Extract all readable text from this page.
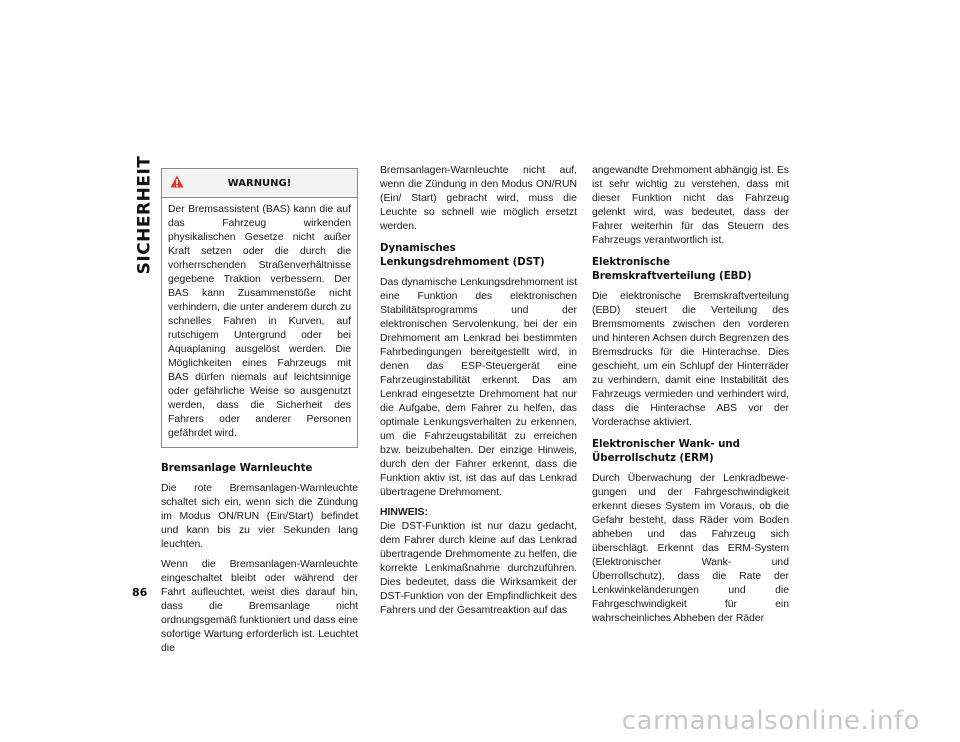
SICHERHEIT
86
WARNUNG!
Der Bremsassistent (BAS) kann die auf das Fahrzeug wirkenden physikalischen Gesetze nicht außer Kraft setzen oder die durch die vorherrschenden Straßenverhältnisse gegebene Traktion verbessern. Der BAS kann Zusammenstöße nicht verhindern, die unter anderem durch zu schnelles Fahren in Kurven, auf rutschigem Untergrund oder bei Aquaplaning ausgelöst werden. Die Möglichkeiten eines Fahrzeugs mit BAS dürfen niemals auf leichtsinnige oder gefährliche Weise so ausgenutzt werden, dass die Sicherheit des Fahrers oder anderer Personen gefährdet wird.
Bremsanlage Warnleuchte

Die rote Bremsanlagen-Warnleuchte schaltet sich ein, wenn sich die Zündung im Modus ON/RUN (Ein/Start) befindet und kann bis zu vier Sekunden lang leuchten.

Wenn die Bremsanlagen-Warnleuchte eingeschaltet bleibt oder während der Fahrt aufleuchtet, weist dies darauf hin, dass die Bremsanlage nicht ordnungsgemäß funktioniert und dass eine sofortige Wartung erforderlich ist. Leuchtet die

Bremsanlagen-Warnleuchte nicht auf, wenn die Zündung in den Modus ON/RUN (Ein/ Start) gebracht wird, muss die Leuchte so schnell wie möglich ersetzt werden.

Dynamisches Lenkungsdrehmoment (DST)

Das dynamische Lenkungsdrehmoment ist eine Funktion des elektronischen Stabilitätsprogramms und der elektronischen Servolenkung, bei der ein Drehmoment am Lenkrad bei bestimmten Fahrbedingungen bereitgestellt wird, in denen das ESP-Steuergerät eine Fahrzeuginstabilität erkennt. Das am Lenkrad eingesetzte Drehmoment hat nur die Aufgabe, dem Fahrer zu helfen, das optimale Lenkungsverhalten zu erkennen, um die Fahrzeugstabilität zu erreichen bzw. beizubehalten. Der einzige Hinweis, durch den der Fahrer erkennt, dass die Funktion aktiv ist, ist das auf das Lenkrad übertragene Drehmoment.

HINWEIS:
Die DST-Funktion ist nur dazu gedacht, dem Fahrer durch kleine auf das Lenkrad übertragende Drehmomente zu helfen, die korrekte Lenkmaßnahme durchzuführen. Dies bedeutet, dass die Wirksamkeit der DST-Funktion von der Empfindlichkeit des Fahrers und der Gesamtreaktion auf das

angewandte Drehmoment abhängig ist. Es ist sehr wichtig zu verstehen, dass mit dieser Funktion nicht das Fahrzeug gelenkt wird, was bedeutet, dass der Fahrer weiterhin für das Steuern des Fahrzeugs verantwortlich ist.

Elektronische Bremskraftverteilung (EBD)

Die elektronische Bremskraftverteilung (EBD) steuert die Verteilung des Bremsmoments zwischen den vorderen und hinteren Achsen durch Begrenzen des Bremsdrucks für die Hinterachse. Dies geschieht, um ein Schlupf der Hinterräder zu verhindern, damit eine Instabilität des Fahrzeugs vermieden und verhindert wird, dass die Hinterachse ABS vor der Vorderachse aktiviert.

Elektronischer Wank- und Überrollschutz (ERM)

Durch Überwachung der Lenkradbewegungen und der Fahrgeschwindigkeit erkennt dieses System im Voraus, ob die Gefahr besteht, dass Räder vom Boden abheben und das Fahrzeug sich überschlägt. Erkennt das ERM-System (Elektronischer Wank- und Überrollschutz), dass die Rate der Lenkwinkeländerungen und die Fahrgeschwindigkeit für ein wahrscheinliches Abheben der Räder

carmanualsonline.info
